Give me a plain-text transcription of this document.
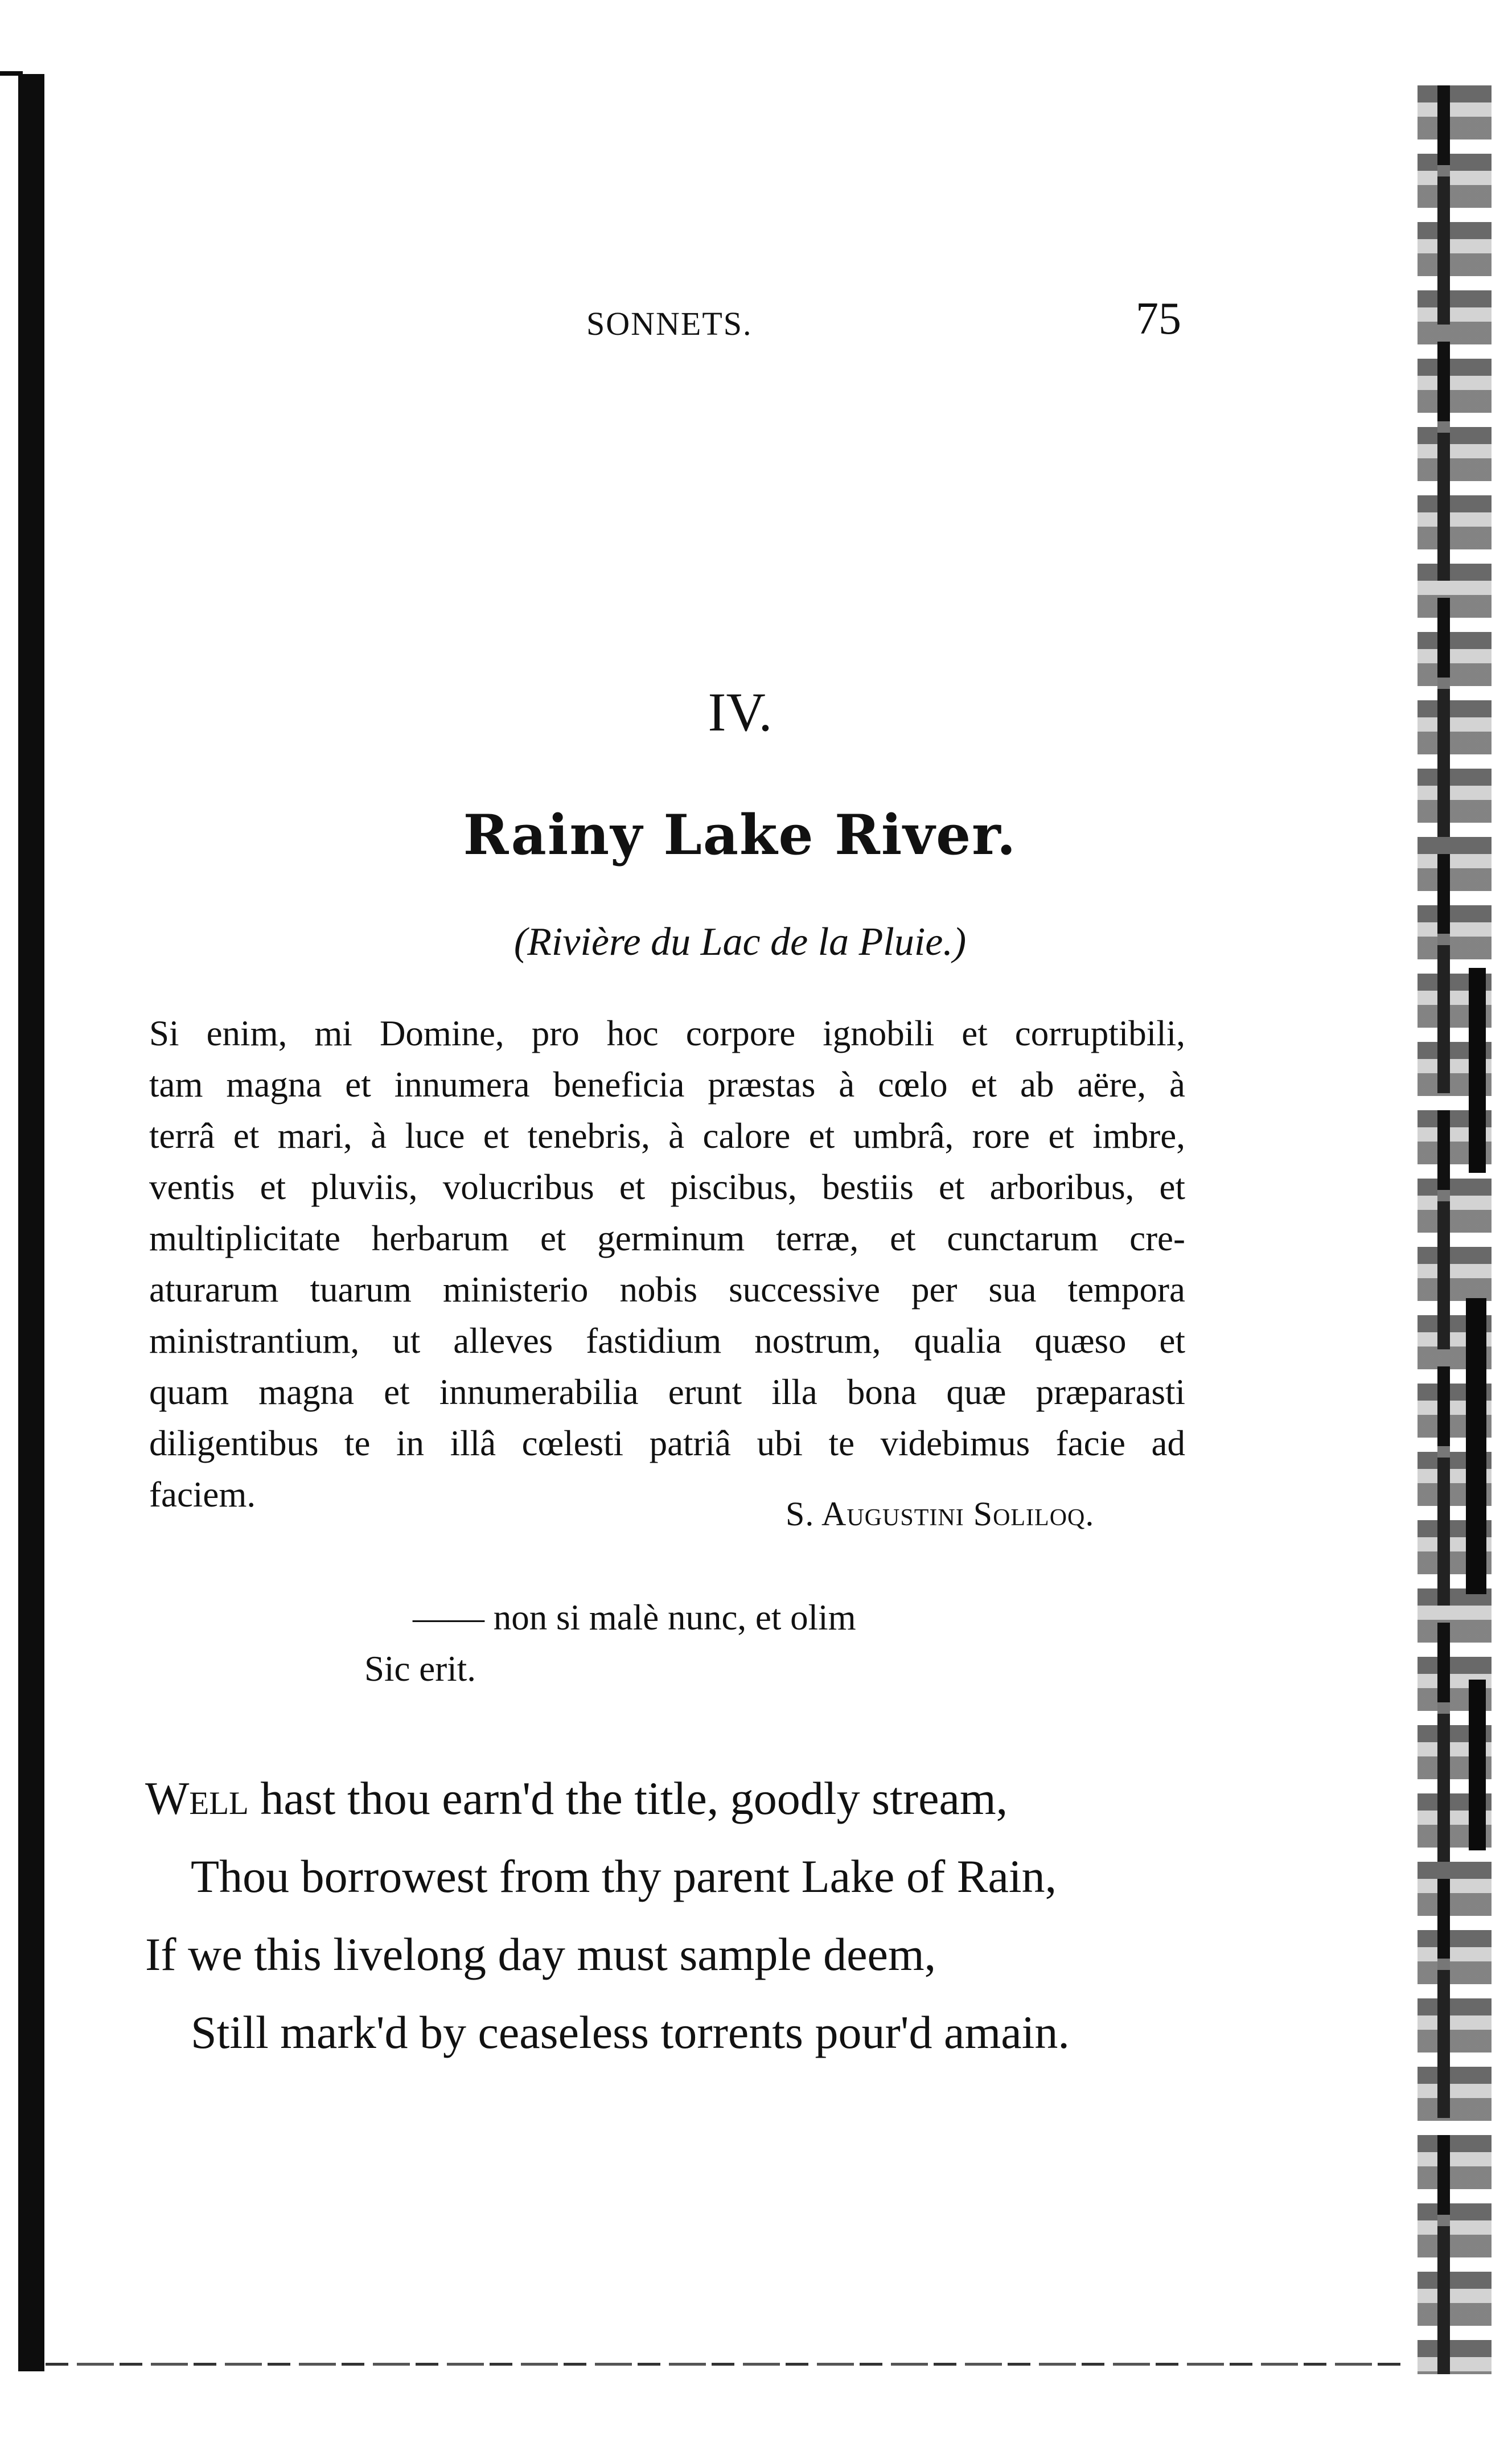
SONNETS.	75
IV.
Rainy Lake River.
(Rivière du Lac de la Pluie.)
Si enim, mi Domine, pro hoc corpore ignobili et corruptibili,
tam magna et innumera beneficia præstas à cœlo et ab aëre, à
terrâ et mari, à luce et tenebris, à calore et umbrâ, rore et imbre,
ventis et pluviis, volucribus et piscibus, bestiis et arboribus, et
multiplicitate herbarum et germinum terræ, et cunctarum cre-
aturarum tuarum ministerio nobis successive per sua tempora
ministrantium, ut alleves fastidium nostrum, qualia quæso et
quam magna et innumerabilia erunt illa bona quæ præparasti
diligentibus te in illâ cœlesti patriâ ubi te videbimus facie ad
faciem.	S. Augustini Soliloq.
—— non si malè nunc, et olim
Sic erit.
Well hast thou earn'd the title, goodly stream,
Thou borrowest from thy parent Lake of Rain,
If we this livelong day must sample deem,
Still mark'd by ceaseless torrents pour'd amain.
